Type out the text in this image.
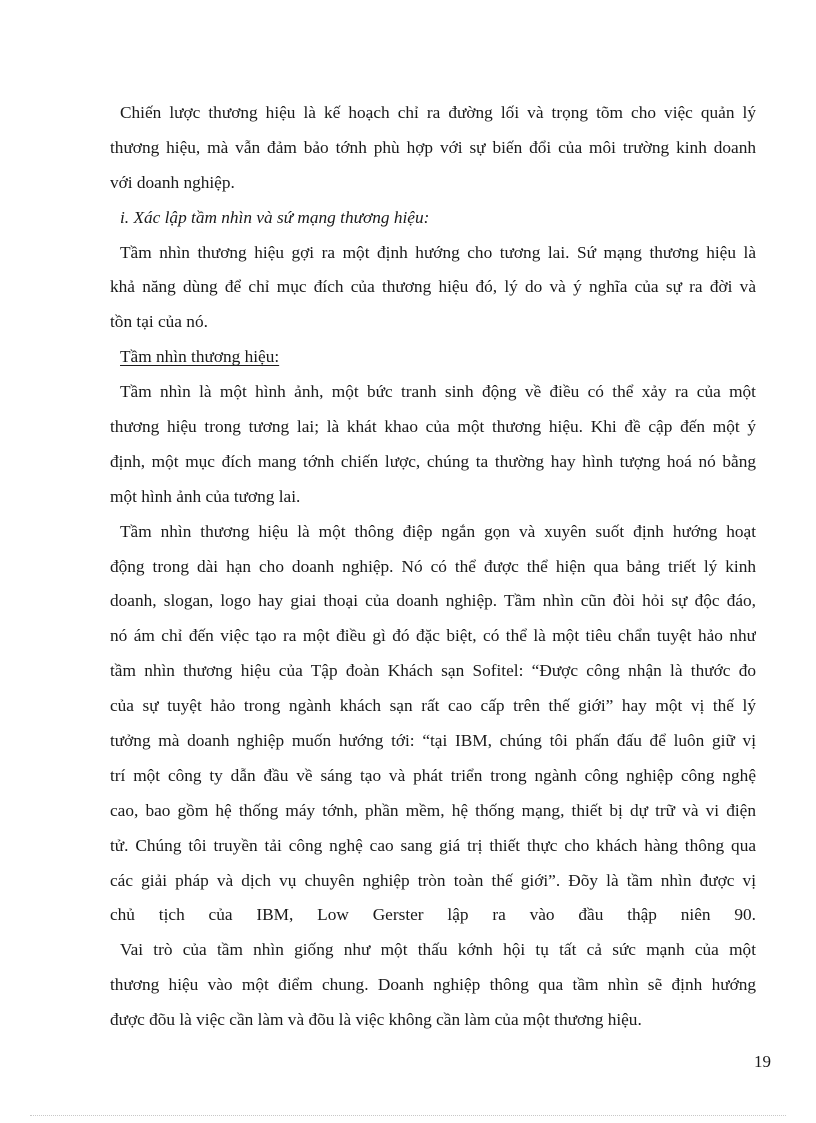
Chiến lược thương hiệu là kế hoạch chỉ ra đường lối và trọng tõm cho việc quản lý
thương hiệu, mà vẫn đảm bảo tớnh phù hợp với sự biến đổi của môi trường kinh doanh
với doanh nghiệp.
i. Xác lập tầm nhìn và sứ mạng thương hiệu:
Tầm nhìn thương hiệu gợi ra một định hướng cho tương lai. Sứ mạng thương hiệu là
khả năng dùng để chỉ mục đích của thương hiệu đó, lý do và ý nghĩa của sự ra đời và
tồn tại của nó.
Tầm nhìn thương hiệu:
Tầm nhìn là một hình ảnh, một bức tranh sinh động về điều có thể xảy ra của một
thương hiệu trong tương lai; là khát khao của một thương hiệu. Khi đề cập đến một ý
định, một mục đích mang tớnh chiến lược, chúng ta thường hay hình tượng hoá nó bằng
một hình ảnh của tương lai.
Tầm nhìn thương hiệu là một thông điệp ngắn gọn và xuyên suốt định hướng hoạt
động trong dài hạn cho doanh nghiệp. Nó có thể được thể hiện qua bảng triết lý kinh
doanh, slogan, logo hay giai thoại của doanh nghiệp. Tầm nhìn cũn đòi hỏi sự độc đáo,
nó ám chỉ đến việc tạo ra một điều gì đó đặc biệt, có thể là một tiêu chẩn tuyệt hảo như
tầm nhìn thương hiệu của Tập đoàn Khách sạn Sofitel: “Được công nhận là thước đo
của sự tuyệt hảo trong ngành khách sạn rất cao cấp trên thế giới” hay một vị thế lý
tưởng mà doanh nghiệp muốn hướng tới: “tại IBM, chúng tôi phấn đấu để luôn giữ vị
trí một công ty dẫn đầu về sáng tạo và phát triển trong ngành công nghiệp công nghệ
cao, bao gồm hệ thống máy tớnh, phần mềm, hệ thống mạng, thiết bị dự trữ và vi điện
tử. Chúng tôi truyền tải công nghệ cao sang giá trị thiết thực cho khách hàng thông qua
các giải pháp và dịch vụ chuyên nghiệp tròn toàn thế giới”. Đõy là tầm nhìn được vị
chủ tịch của IBM, Low Gerster lập ra vào đầu thập niên 90.
Vai trò của tầm nhìn giống như một thấu kớnh hội tụ tất cả sức mạnh của một
thương hiệu vào một điểm chung. Doanh nghiệp thông qua tầm nhìn sẽ định hướng
được đõu là việc cần làm và đõu là việc không cần làm của một thương hiệu.
19
